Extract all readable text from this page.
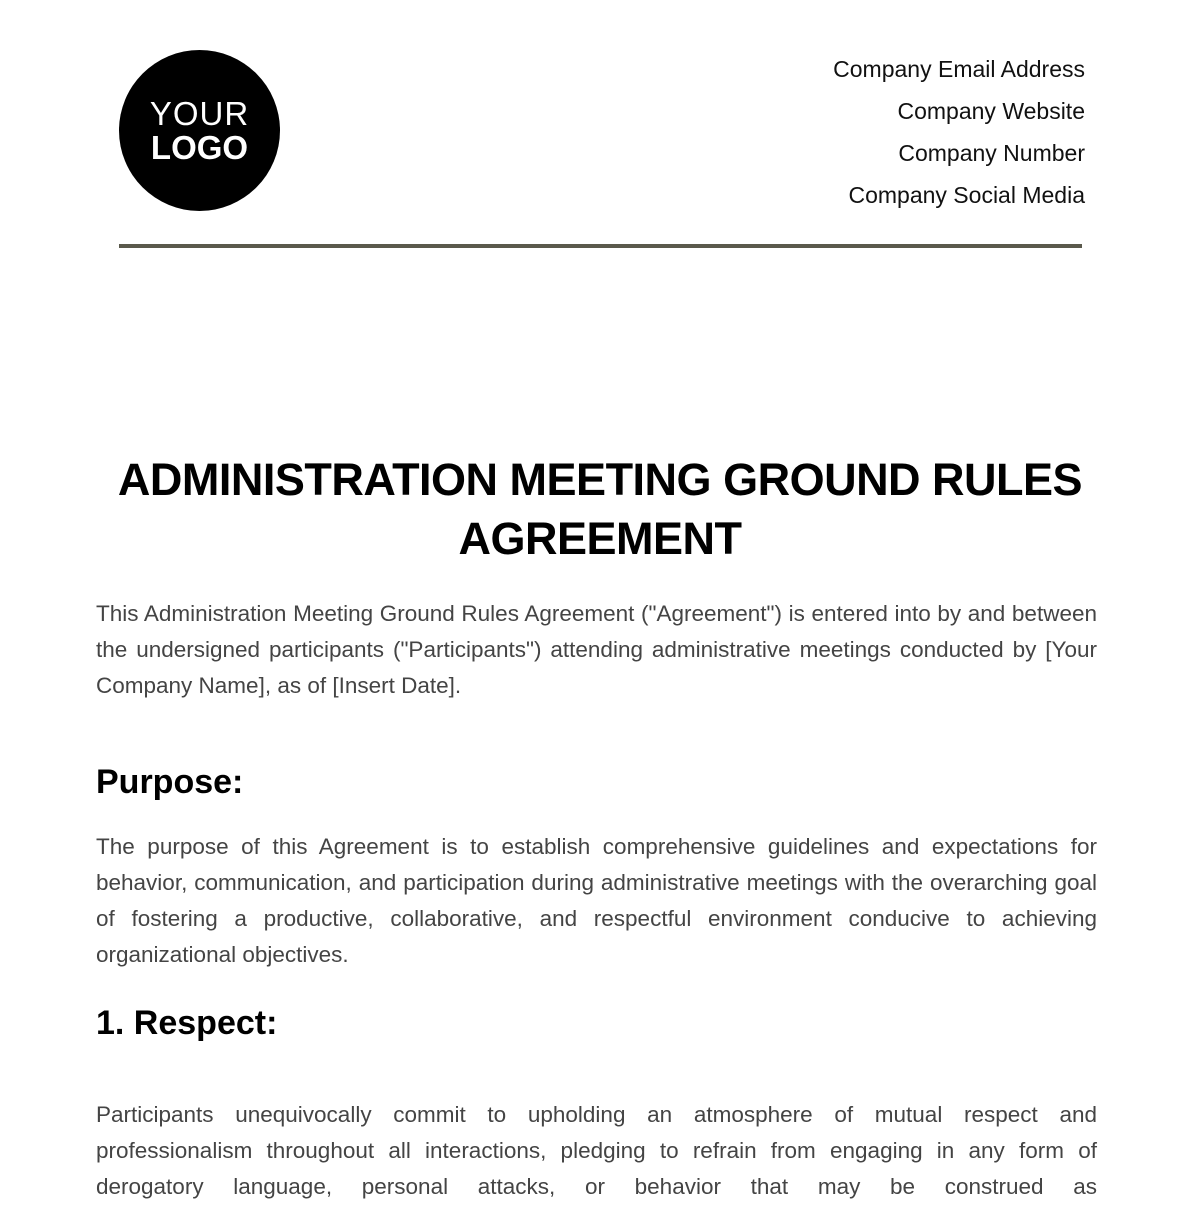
YOUR
LOGO
Company Email Address
Company Website
Company Number
Company Social Media
ADMINISTRATION MEETING GROUND RULES AGREEMENT

This Administration Meeting Ground Rules Agreement ("Agreement") is entered into by and between the undersigned participants ("Participants") attending administrative meetings conducted by [Your Company Name], as of [Insert Date].

Purpose:

The purpose of this Agreement is to establish comprehensive guidelines and expectations for behavior, communication, and participation during administrative meetings with the overarching goal of fostering a productive, collaborative, and respectful environment conducive to achieving organizational objectives.

1. Respect:

Participants unequivocally commit to upholding an atmosphere of mutual respect and professionalism throughout all interactions, pledging to refrain from engaging in any form of derogatory language, personal attacks, or behavior that may be construed as
